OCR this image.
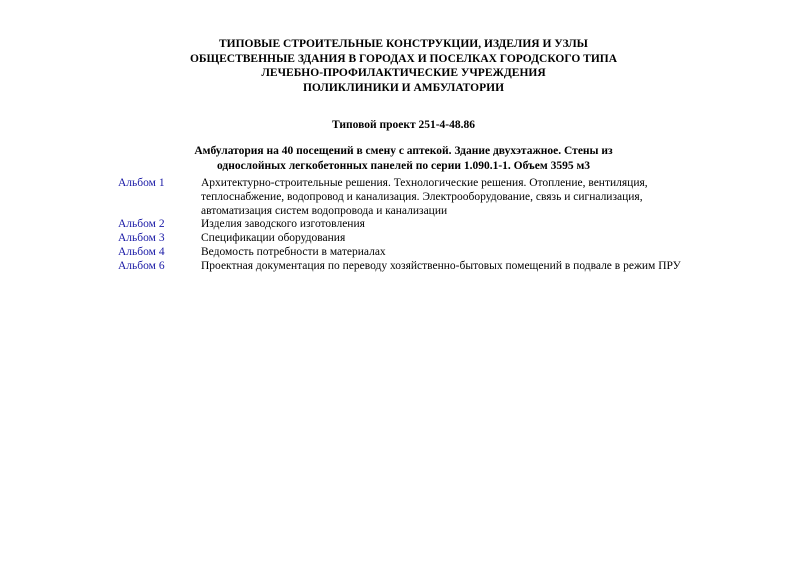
ТИПОВЫЕ СТРОИТЕЛЬНЫЕ КОНСТРУКЦИИ, ИЗДЕЛИЯ И УЗЛЫ
ОБЩЕСТВЕННЫЕ ЗДАНИЯ В ГОРОДАХ И ПОСЕЛКАХ ГОРОДСКОГО ТИПА
ЛЕЧЕБНО-ПРОФИЛАКТИЧЕСКИЕ УЧРЕЖДЕНИЯ
ПОЛИКЛИНИКИ И АМБУЛАТОРИИ
Типовой проект 251-4-48.86
Амбулатория на 40 посещений в смену с аптекой. Здание двухэтажное. Стены из
однослойных легкобетонных панелей по серии 1.090.1-1. Объем 3595 м3
Альбом 1	Архитектурно-строительные решения. Технологические решения. Отопление, вентиляция, теплоснабжение, водопровод и канализация. Электрооборудование, связь и сигнализация, автоматизация систем водопровода и канализации
Альбом 2	Изделия заводского изготовления
Альбом 3	Спецификации оборудования
Альбом 4	Ведомость потребности в материалах
Альбом 6	Проектная документация по переводу хозяйственно-бытовых помещений в подвале в режим ПРУ
